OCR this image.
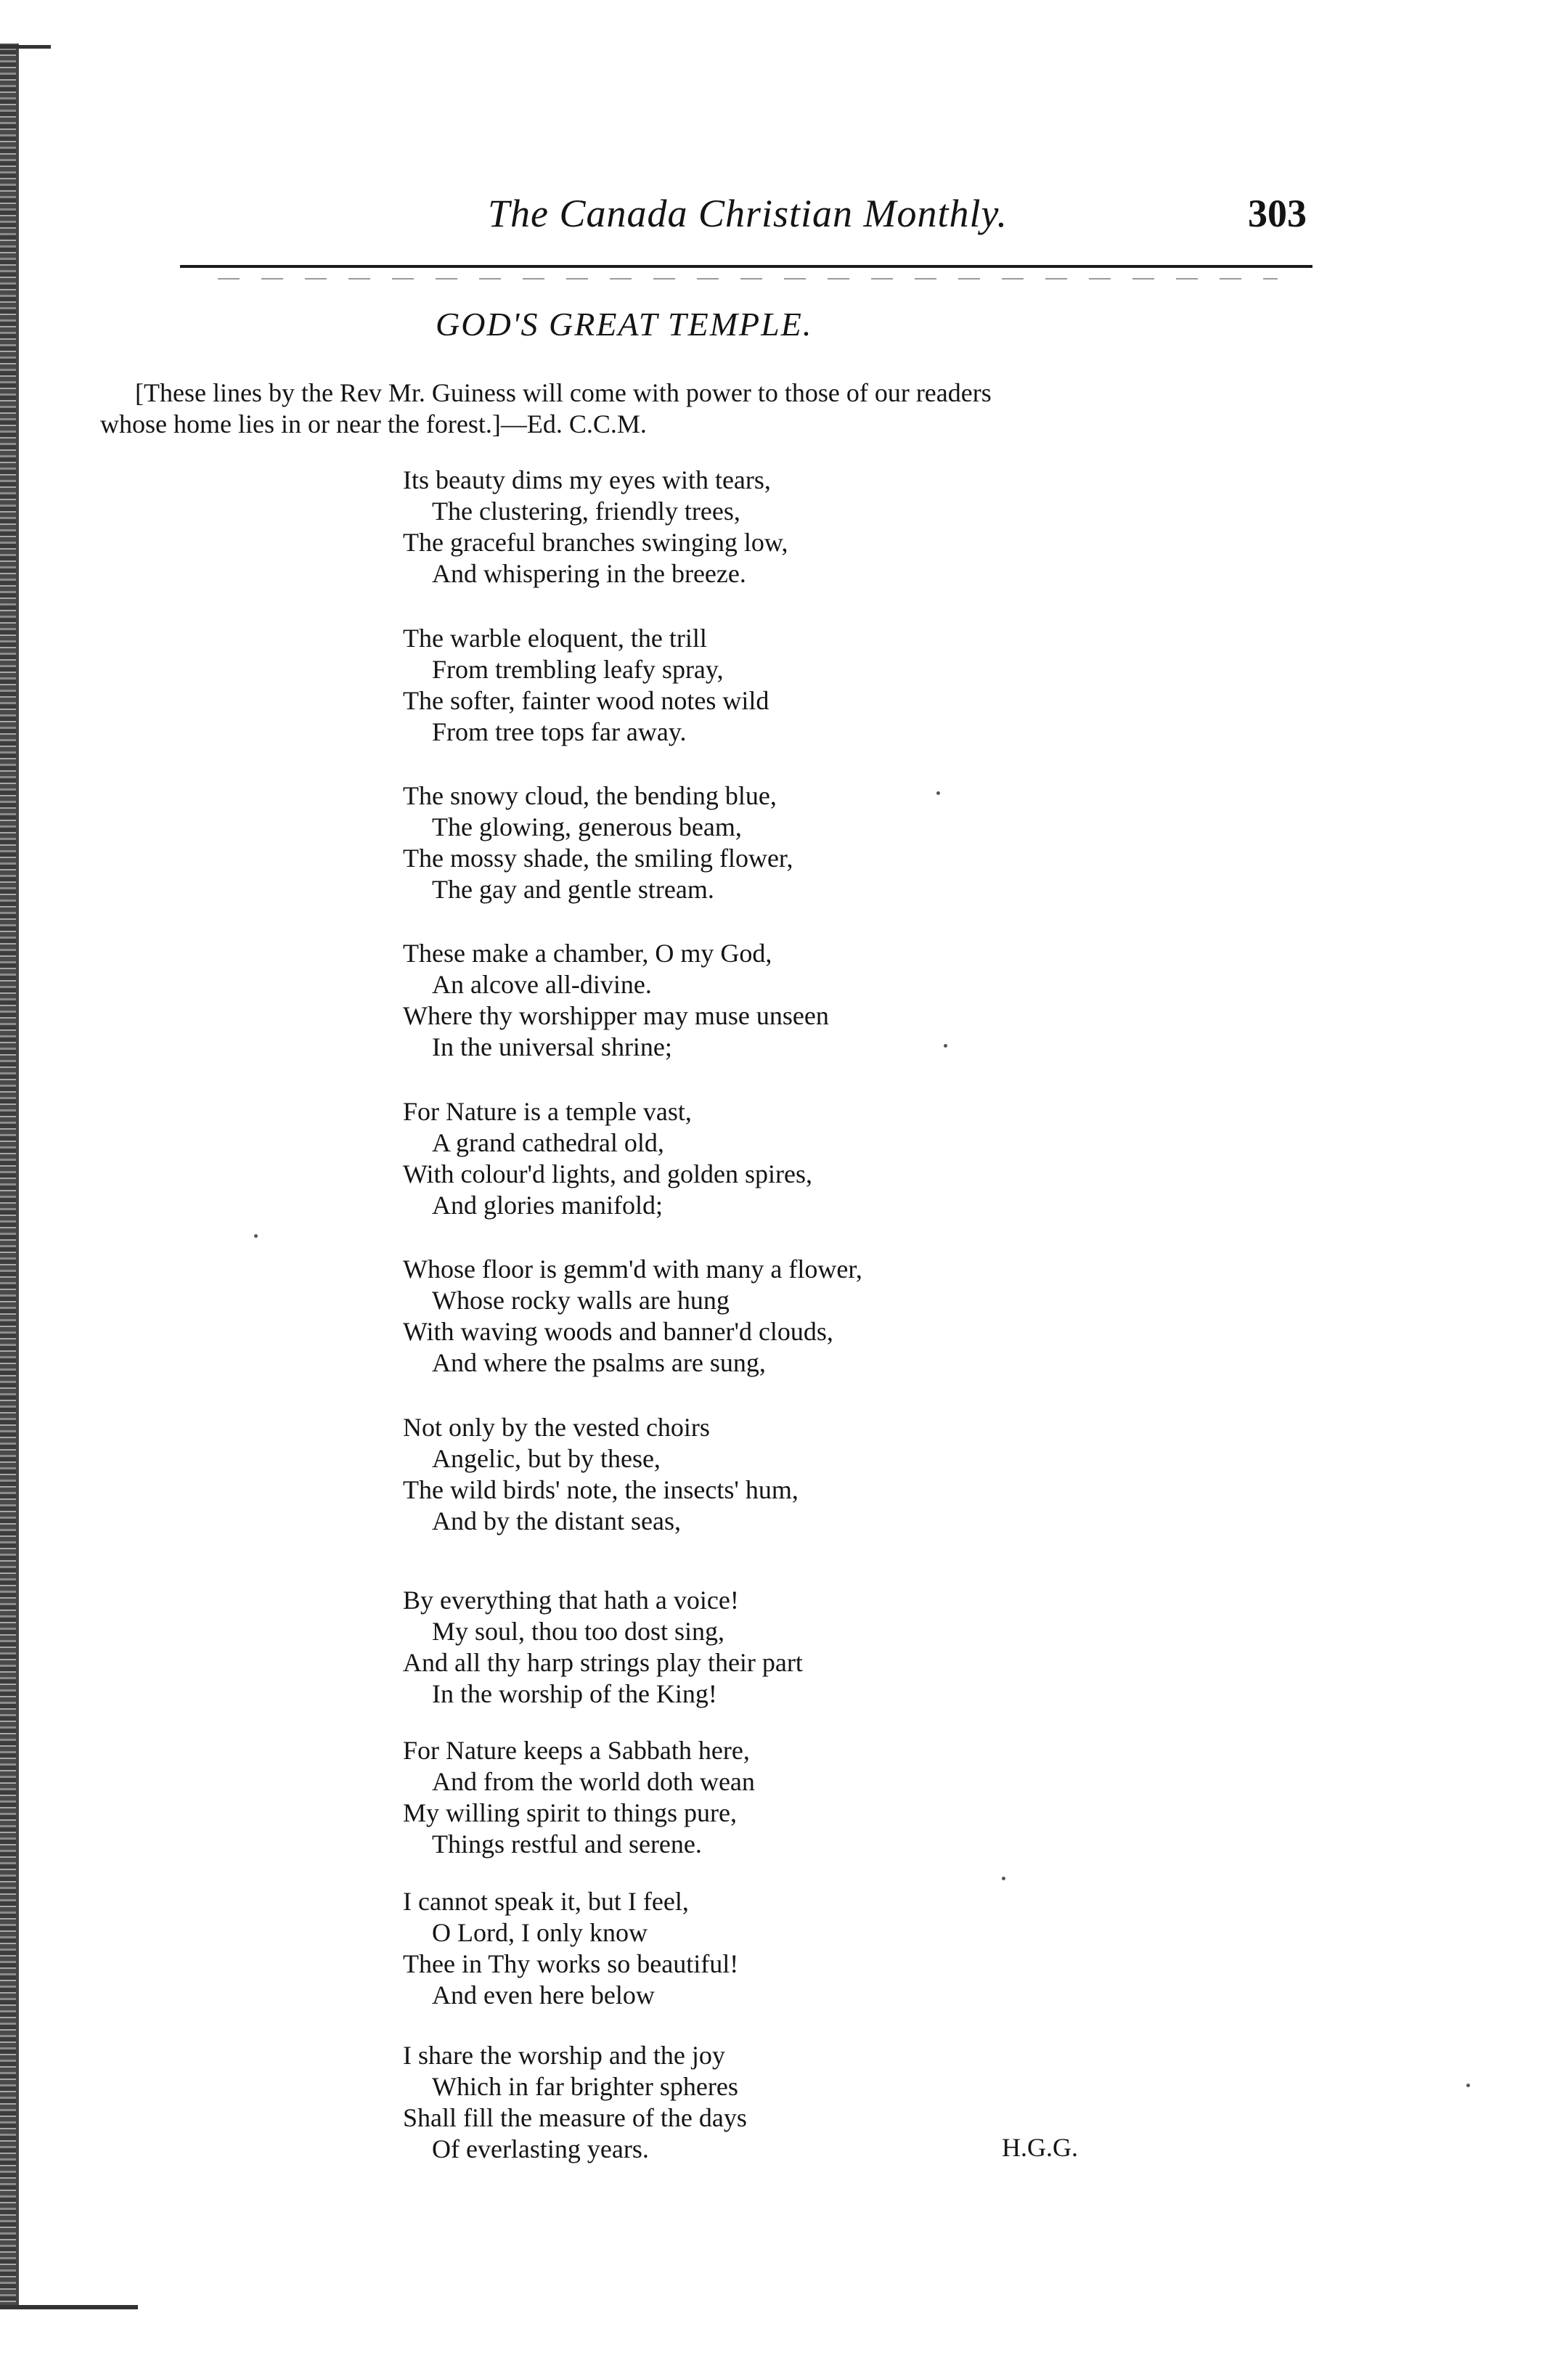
The Canada Christian Monthly.	303
GOD'S GREAT TEMPLE.

[These lines by the Rev Mr. Guiness will come with power to those of our readers

whose home lies in or near the forest.]—Ed. C.C.M.

Its beauty dims my eyes with tears,
The clustering, friendly trees,
The graceful branches swinging low,
And whispering in the breeze.
The warble eloquent, the trill
From trembling leafy spray,
The softer, fainter wood notes wild
From tree tops far away.
The snowy cloud, the bending blue,
The glowing, generous beam,
The mossy shade, the smiling flower,
The gay and gentle stream.
These make a chamber, O my God,
An alcove all-divine.
Where thy worshipper may muse unseen
In the universal shrine;
For Nature is a temple vast,
A grand cathedral old,
With colour'd lights, and golden spires,
And glories manifold;
Whose floor is gemm'd with many a flower,
Whose rocky walls are hung
With waving woods and banner'd clouds,
And where the psalms are sung,
Not only by the vested choirs
Angelic, but by these,
The wild birds' note, the insects' hum,
And by the distant seas,
By everything that hath a voice!
My soul, thou too dost sing,
And all thy harp strings play their part
In the worship of the King!
For Nature keeps a Sabbath here,
And from the world doth wean
My willing spirit to things pure,
Things restful and serene.
I cannot speak it, but I feel,
O Lord, I only know
Thee in Thy works so beautiful!
And even here below
I share the worship and the joy
Which in far brighter spheres
Shall fill the measure of the days
Of everlasting years.	H.G.G.
